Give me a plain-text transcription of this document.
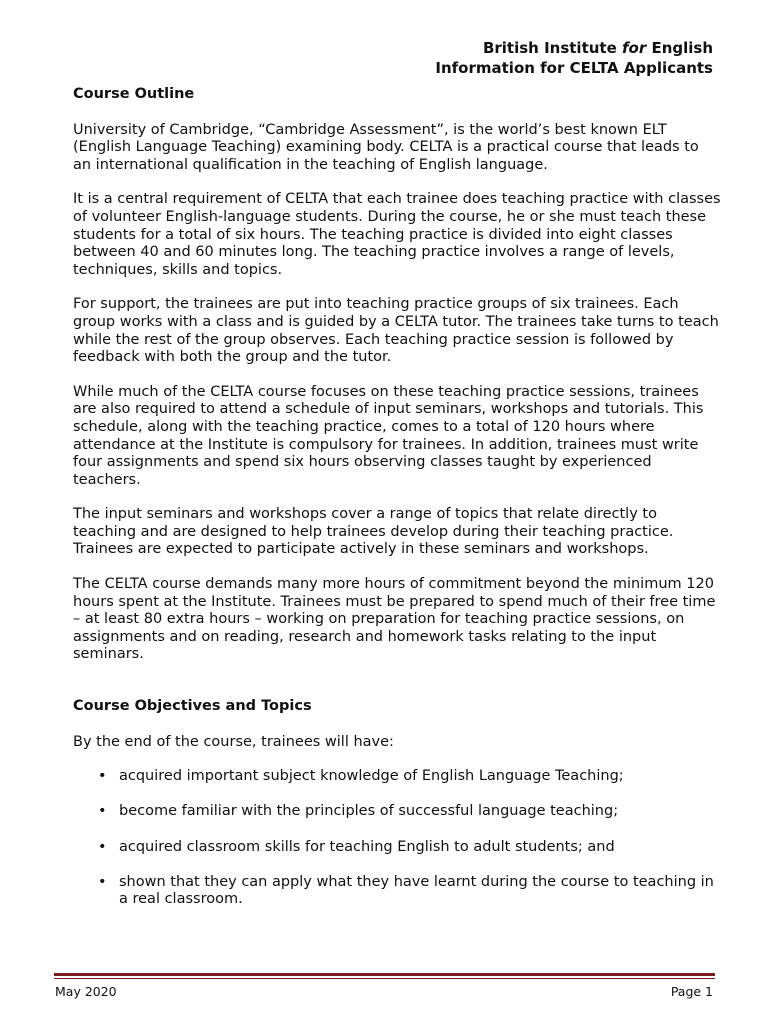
British Institute for English
Information for CELTA Applicants

Course Outline

University of Cambridge, “Cambridge Assessment”, is the world’s best known ELT (English Language Teaching) examining body. CELTA is a practical course that leads to an international qualification in the teaching of English language.

It is a central requirement of CELTA that each trainee does teaching practice with classes of volunteer English-language students. During the course, he or she must teach these students for a total of six hours. The teaching practice is divided into eight classes between 40 and 60 minutes long. The teaching practice involves a range of levels, techniques, skills and topics.

For support, the trainees are put into teaching practice groups of six trainees. Each group works with a class and is guided by a CELTA tutor. The trainees take turns to teach while the rest of the group observes. Each teaching practice session is followed by feedback with both the group and the tutor.

While much of the CELTA course focuses on these teaching practice sessions, trainees are also required to attend a schedule of input seminars, workshops and tutorials. This schedule, along with the teaching practice, comes to a total of 120 hours where attendance at the Institute is compulsory for trainees. In addition, trainees must write four assignments and spend six hours observing classes taught by experienced teachers.

The input seminars and workshops cover a range of topics that relate directly to teaching and are designed to help trainees develop during their teaching practice. Trainees are expected to participate actively in these seminars and workshops.

The CELTA course demands many more hours of commitment beyond the minimum 120 hours spent at the Institute. Trainees must be prepared to spend much of their free time – at least 80 extra hours – working on preparation for teaching practice sessions, on assignments and on reading, research and homework tasks relating to the input seminars.

Course Objectives and Topics

By the end of the course, trainees will have:

• acquired important subject knowledge of English Language Teaching;
• become familiar with the principles of successful language teaching;
• acquired classroom skills for teaching English to adult students; and
• shown that they can apply what they have learnt during the course to teaching in a real classroom.
May 2020	Page 1
